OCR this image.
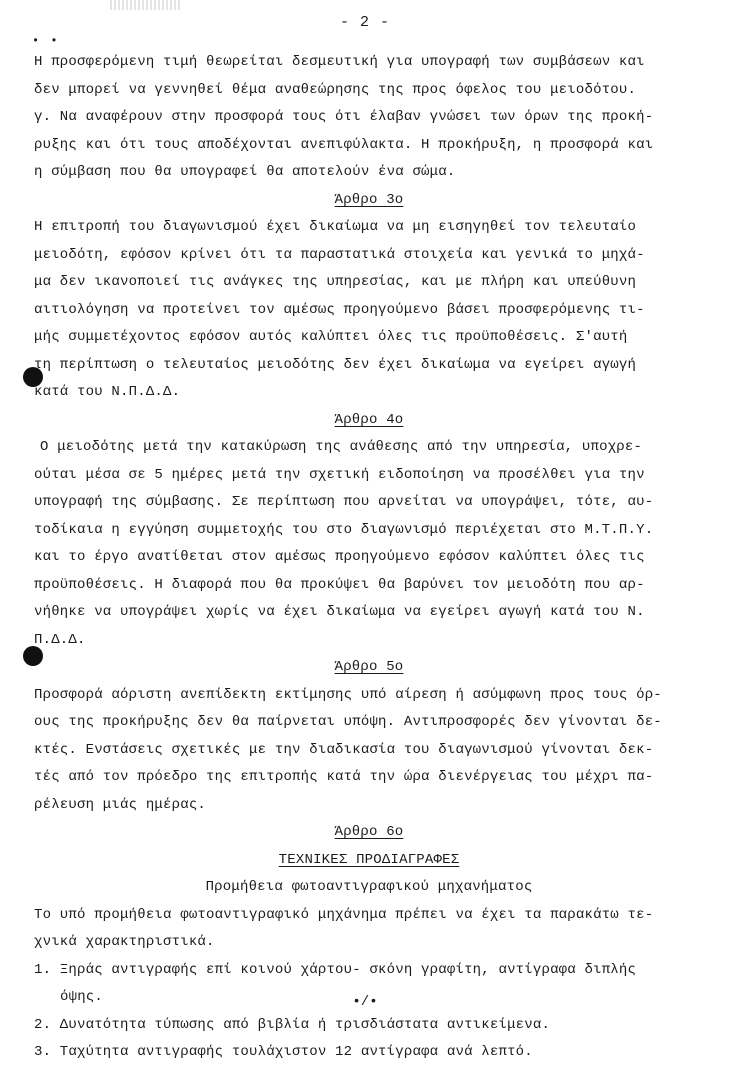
- 2 -
• •
Η προσφερόμενη τιμή θεωρείται δεσμευτική για υπογραφή των συμβάσεων και
δεν μπορεί να γεννηθεί θέμα αναθεώρησης της προς όφελος του μειοδότου.
γ. Να αναφέρουν στην προσφορά τους ότι έλαβαν γνώσει των όρων της προκή-
ρυξης και ότι τους αποδέχονται ανεπιφύλακτα. Η προκήρυξη, η προσφορά και
η σύμβαση που θα υπογραφεί θα αποτελούν ένα σώμα.
Άρθρο 3ο
Η επιτροπή του διαγωνισμού έχει δικαίωμα να μη εισηγηθεί τον τελευταίο
μειοδότη, εφόσον κρίνει ότι τα παραστατικά στοιχεία και γενικά το μηχά-
μα δεν ικανοποιεί τις ανάγκες της υπηρεσίας, και με πλήρη και υπεύθυνη
αιτιολόγηση να προτείνει τον αμέσως προηγούμενο βάσει προσφερόμενης τι-
μής συμμετέχοντος εφόσον αυτός καλύπτει όλες τις προϋποθέσεις. Σ'αυτή
τη περίπτωση ο τελευταίος μειοδότης δεν έχει δικαίωμα να εγείρει αγωγή
κατά του Ν.Π.Δ.Δ.
Άρθρο 4ο
Ο μειοδότης μετά την κατακύρωση της ανάθεσης από την υπηρεσία, υποχρε-
ούται μέσα σε 5 ημέρες μετά την σχετική ειδοποίηση να προσέλθει για την
υπογραφή της σύμβασης. Σε περίπτωση που αρνείται να υπογράψει, τότε, αυ-
τοδίκαια η εγγύηση συμμετοχής του στο διαγωνισμό περιέχεται στο Μ.Τ.Π.Υ.
και το έργο ανατίθεται στον αμέσως προηγούμενο εφόσον καλύπτει όλες τις
προϋποθέσεις. Η διαφορά που θα προκύψει θα βαρύνει τον μειοδότη που αρ-
νήθηκε να υπογράψει χωρίς να έχει δικαίωμα να εγείρει αγωγή κατά του Ν.
Π.Δ.Δ.
Άρθρο 5ο
Προσφορά αόριστη ανεπίδεκτη εκτίμησης υπό αίρεση ή ασύμφωνη προς τους όρ-
ους της προκήρυξης δεν θα παίρνεται υπόψη. Αντιπροσφορές δεν γίνονται δε-
κτές. Ενστάσεις σχετικές με την διαδικασία του διαγωνισμού γίνονται δεκ-
τές από τον πρόεδρο της επιτροπής κατά την ώρα διενέργειας του μέχρι πα-
ρέλευση μιάς ημέρας.
Άρθρο 6ο
ΤΕΧΝΙΚΕΣ ΠΡΟΔΙΑΓΡΑΦΕΣ
Προμήθεια φωτοαντιγραφικού μηχανήματος
Το υπό προμήθεια φωτοαντιγραφικό μηχάνημα πρέπει να έχει τα παρακάτω τε-
χνικά χαρακτηριστικά.
1. Ξηράς αντιγραφής επί κοινού χάρτου- σκόνη γραφίτη, αντίγραφα διπλής
όψης.
2. Δυνατότητα τύπωσης από βιβλία ή τρισδιάστατα αντικείμενα.
3. Ταχύτητα αντιγραφής τουλάχιστον 12 αντίγραφα ανά λεπτό.
•/•
